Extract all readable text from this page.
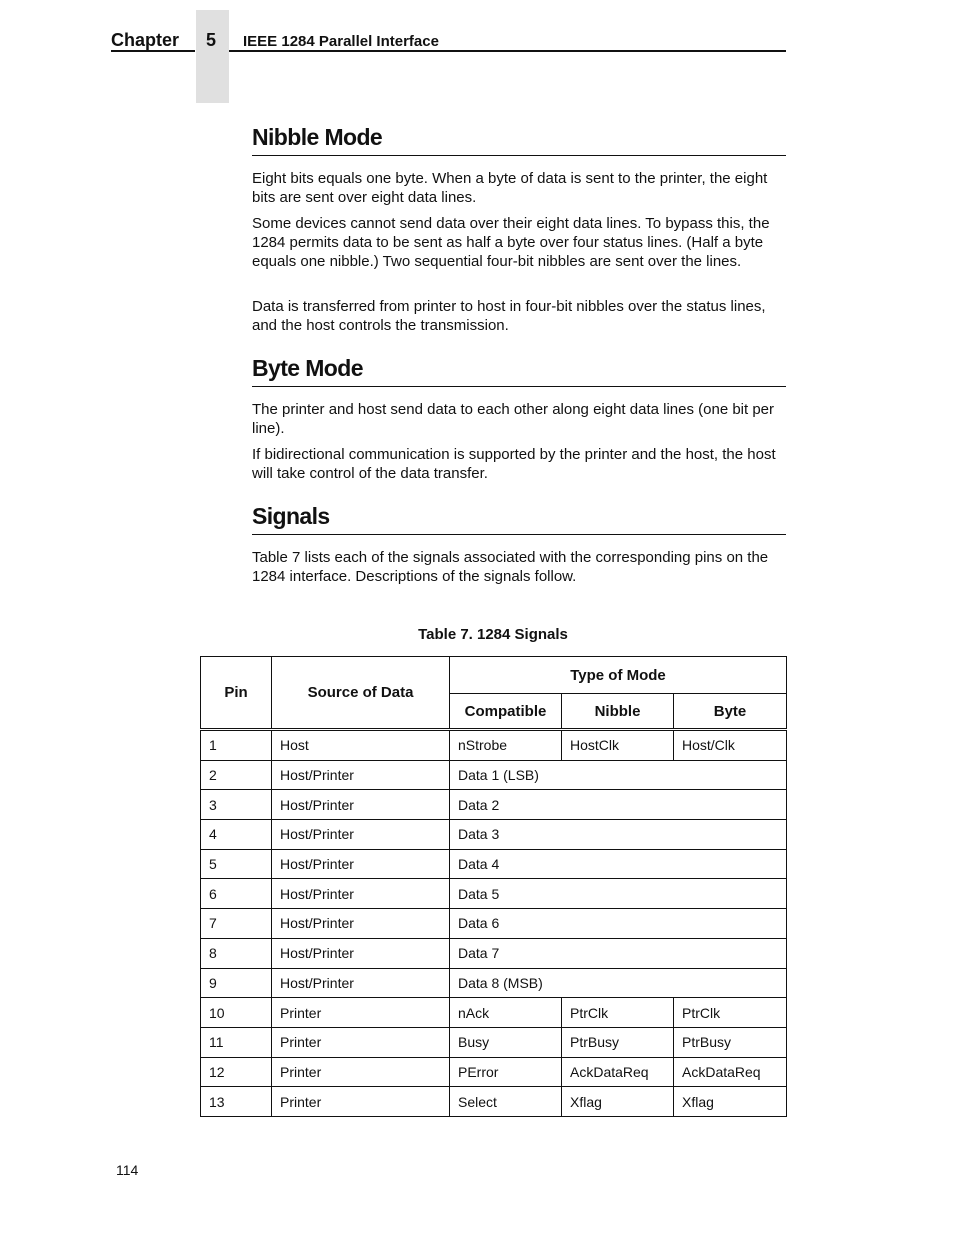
Chapter	5	IEEE 1284 Parallel Interface
Nibble Mode

Eight bits equals one byte. When a byte of data is sent to the printer, the eight bits are sent over eight data lines.

Some devices cannot send data over their eight data lines. To bypass this, the 1284 permits data to be sent as half a byte over four status lines. (Half a byte equals one nibble.) Two sequential four-bit nibbles are sent over the lines.

Data is transferred from printer to host in four-bit nibbles over the status lines, and the host controls the transmission.

Byte Mode

The printer and host send data to each other along eight data lines (one bit per line).

If bidirectional communication is supported by the printer and the host, the host will take control of the data transfer.

Signals

Table 7 lists each of the signals associated with the corresponding pins on the 1284 interface. Descriptions of the signals follow.

Table 7. 1284 Signals
Pin	Source of Data	Type of Mode		
		Compatible	Nibble	Byte
1	Host	nStrobe	HostClk	Host/Clk
2	Host/Printer	Data 1 (LSB)		
3	Host/Printer	Data 2		
4	Host/Printer	Data 3		
5	Host/Printer	Data 4		
6	Host/Printer	Data 5		
7	Host/Printer	Data 6		
8	Host/Printer	Data 7		
9	Host/Printer	Data 8 (MSB)		
10	Printer	nAck	PtrClk	PtrClk
11	Printer	Busy	PtrBusy	PtrBusy
12	Printer	PError	AckDataReq	AckDataReq
13	Printer	Select	Xflag	Xflag
114
